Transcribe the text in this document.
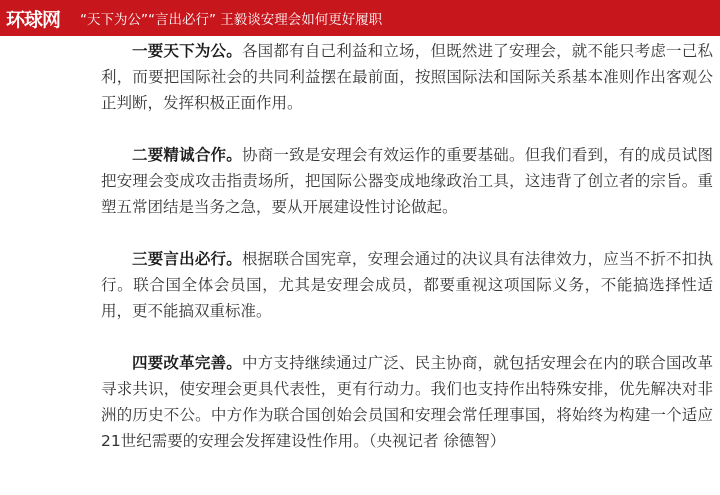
环球网 “天下为公”“言出必行” 王毅谈安理会如何更好履职

一要天下为公。各国都有自己利益和立场，但既然进了安理会，就不能只考虑一己私利，而要把国际社会的共同利益摆在最前面，按照国际法和国际关系基本准则作出客观公正判断，发挥积极正面作用。

二要精诚合作。协商一致是安理会有效运作的重要基础。但我们看到，有的成员试图把安理会变成攻击指责场所，把国际公器变成地缘政治工具，这违背了创立者的宗旨。重塑五常团结是当务之急，要从开展建设性讨论做起。

三要言出必行。根据联合国宪章，安理会通过的决议具有法律效力，应当不折不扣执行。联合国全体会员国，尤其是安理会成员，都要重视这项国际义务，不能搞选择性适用，更不能搞双重标准。

四要改革完善。中方支持继续通过广泛、民主协商，就包括安理会在内的联合国改革寻求共识，使安理会更具代表性，更有行动力。我们也支持作出特殊安排，优先解决对非洲的历史不公。中方作为联合国创始会员国和安理会常任理事国，将始终为构建一个适应21世纪需要的安理会发挥建设性作用。（央视记者 徐德智）
